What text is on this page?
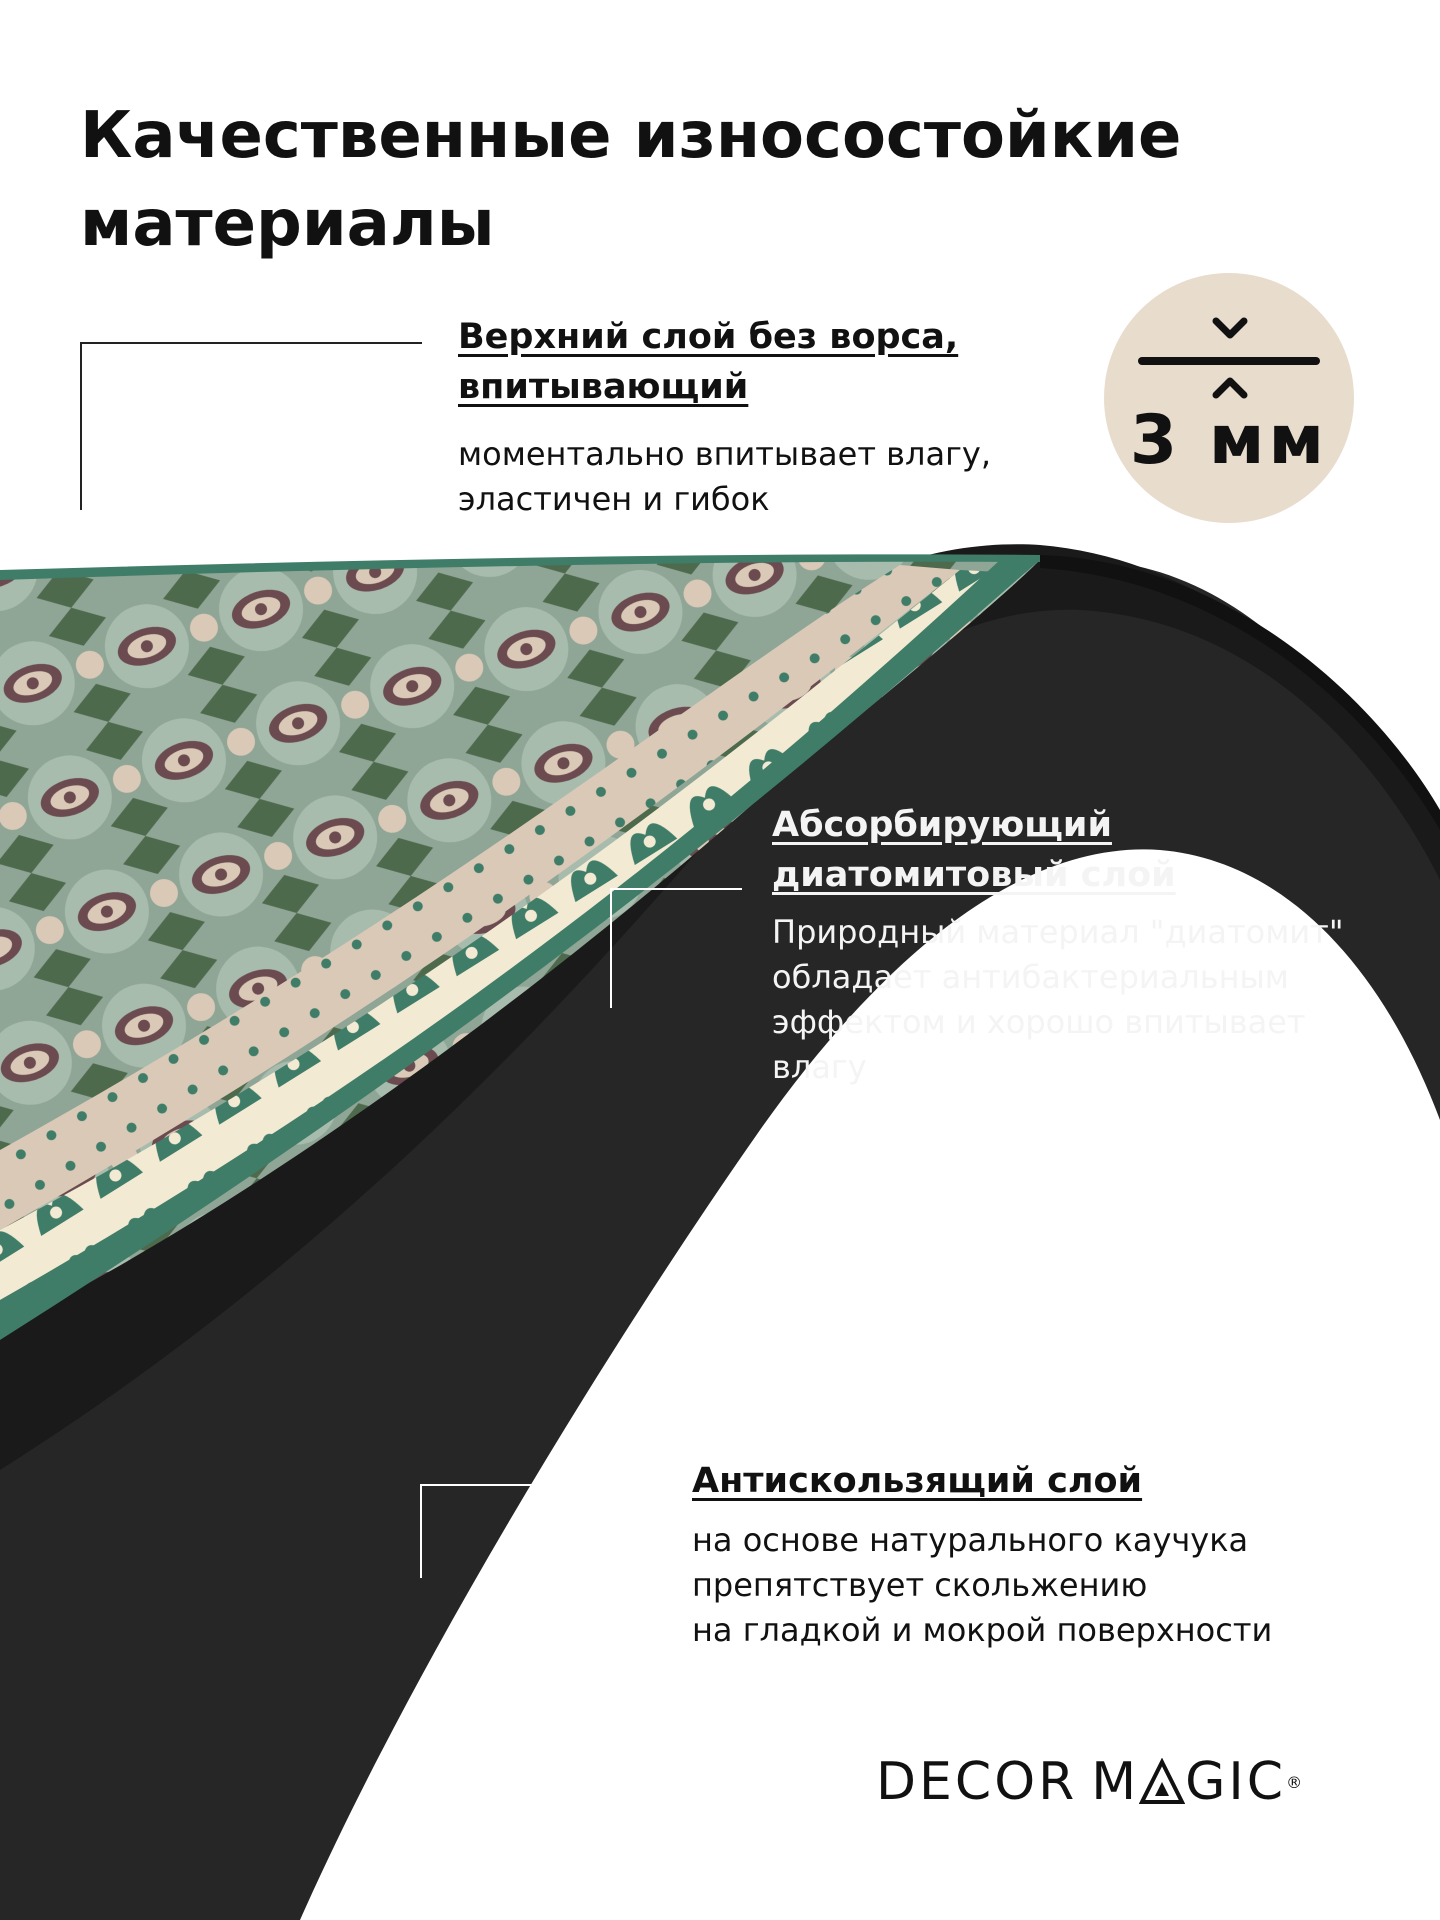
Качественные износостойкие
материалы

Верхний слой без ворса,
впитывающий

моментально впитывает влагу,
эластичен и гибок
3 мм

Абсорбирующий
диатомитовый слой

Природный материал "диатомит"
обладает антибактериальным
эффектом и хорошо впитывает
влагу

Антискользящий слой

на основе натурального каучука
препятствует скольжению
на гладкой и мокрой поверхности
DECOR M GIC ®
